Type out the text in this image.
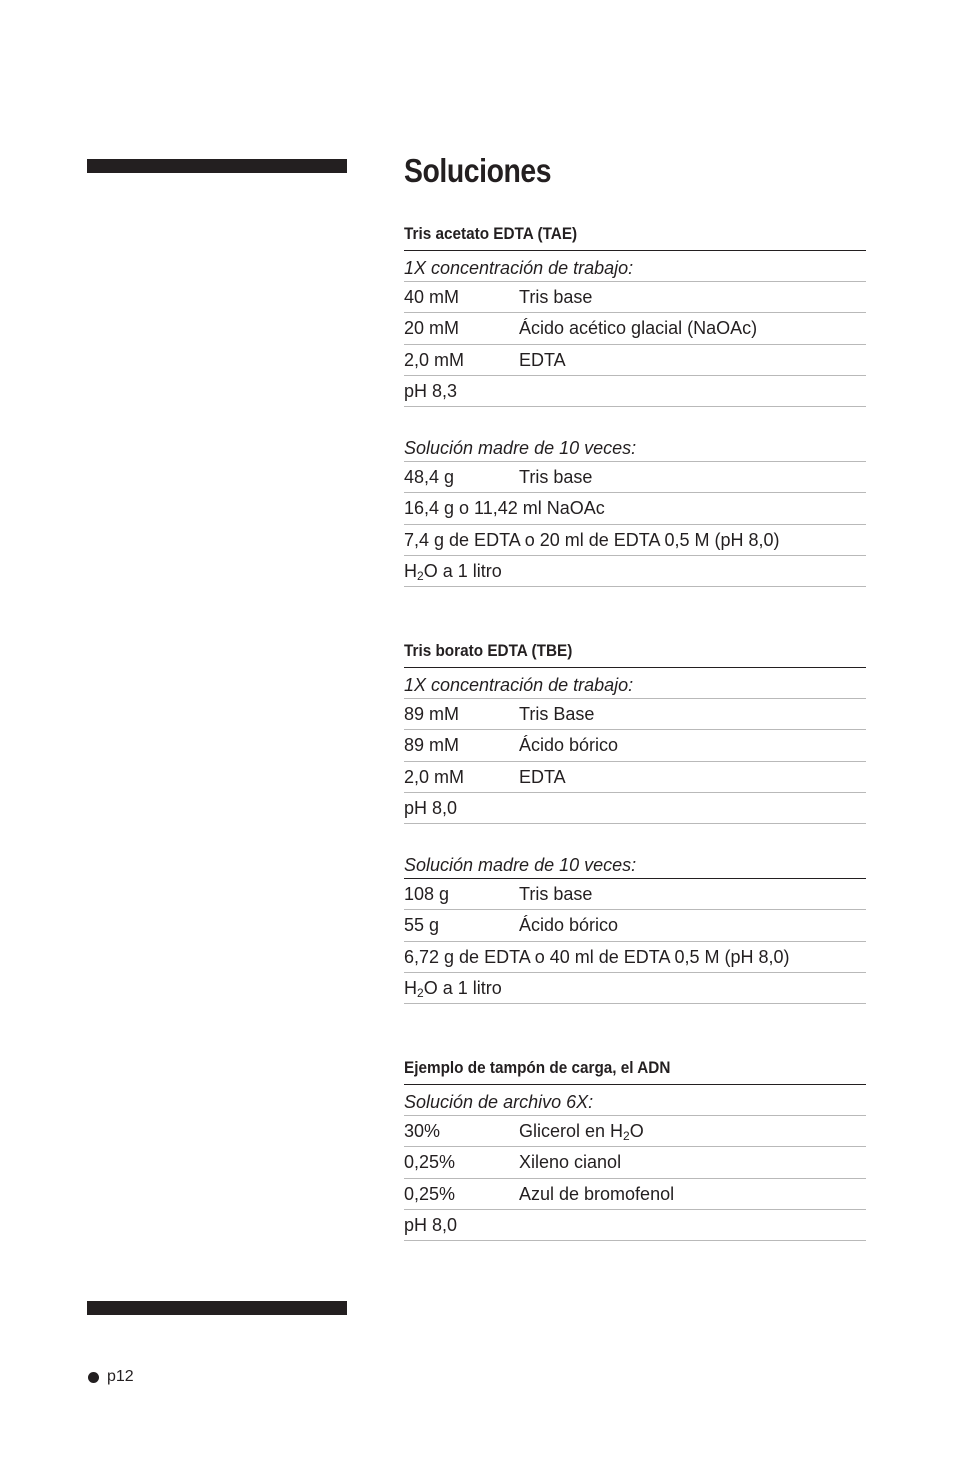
Soluciones
Tris acetato EDTA (TAE)
1X concentración de trabajo:
40 mM	Tris base
20 mM	Ácido acético glacial (NaOAc)
2,0 mM	EDTA
pH 8,3
Solución madre de 10 veces:
48,4 g	Tris base
16,4 g o 11,42 ml NaOAc
7,4 g de EDTA o 20 ml de EDTA 0,5 M (pH 8,0)
$H_2O$ a 1 litro
Tris borato EDTA (TBE)
1X concentración de trabajo:
89 mM	Tris Base
89 mM	Ácido bórico
2,0 mM	EDTA
pH 8,0
Solución madre de 10 veces:
108 g	Tris base
55 g	Ácido bórico
6,72 g de EDTA o 40 ml de EDTA 0,5 M (pH 8,0)
$H_2O$ a 1 litro
Ejemplo de tampón de carga, el ADN
Solución de archivo 6X:
30%	Glicerol en $H_2O$
0,25%	Xileno cianol
0,25%	Azul de bromofenol
pH 8,0
p12
